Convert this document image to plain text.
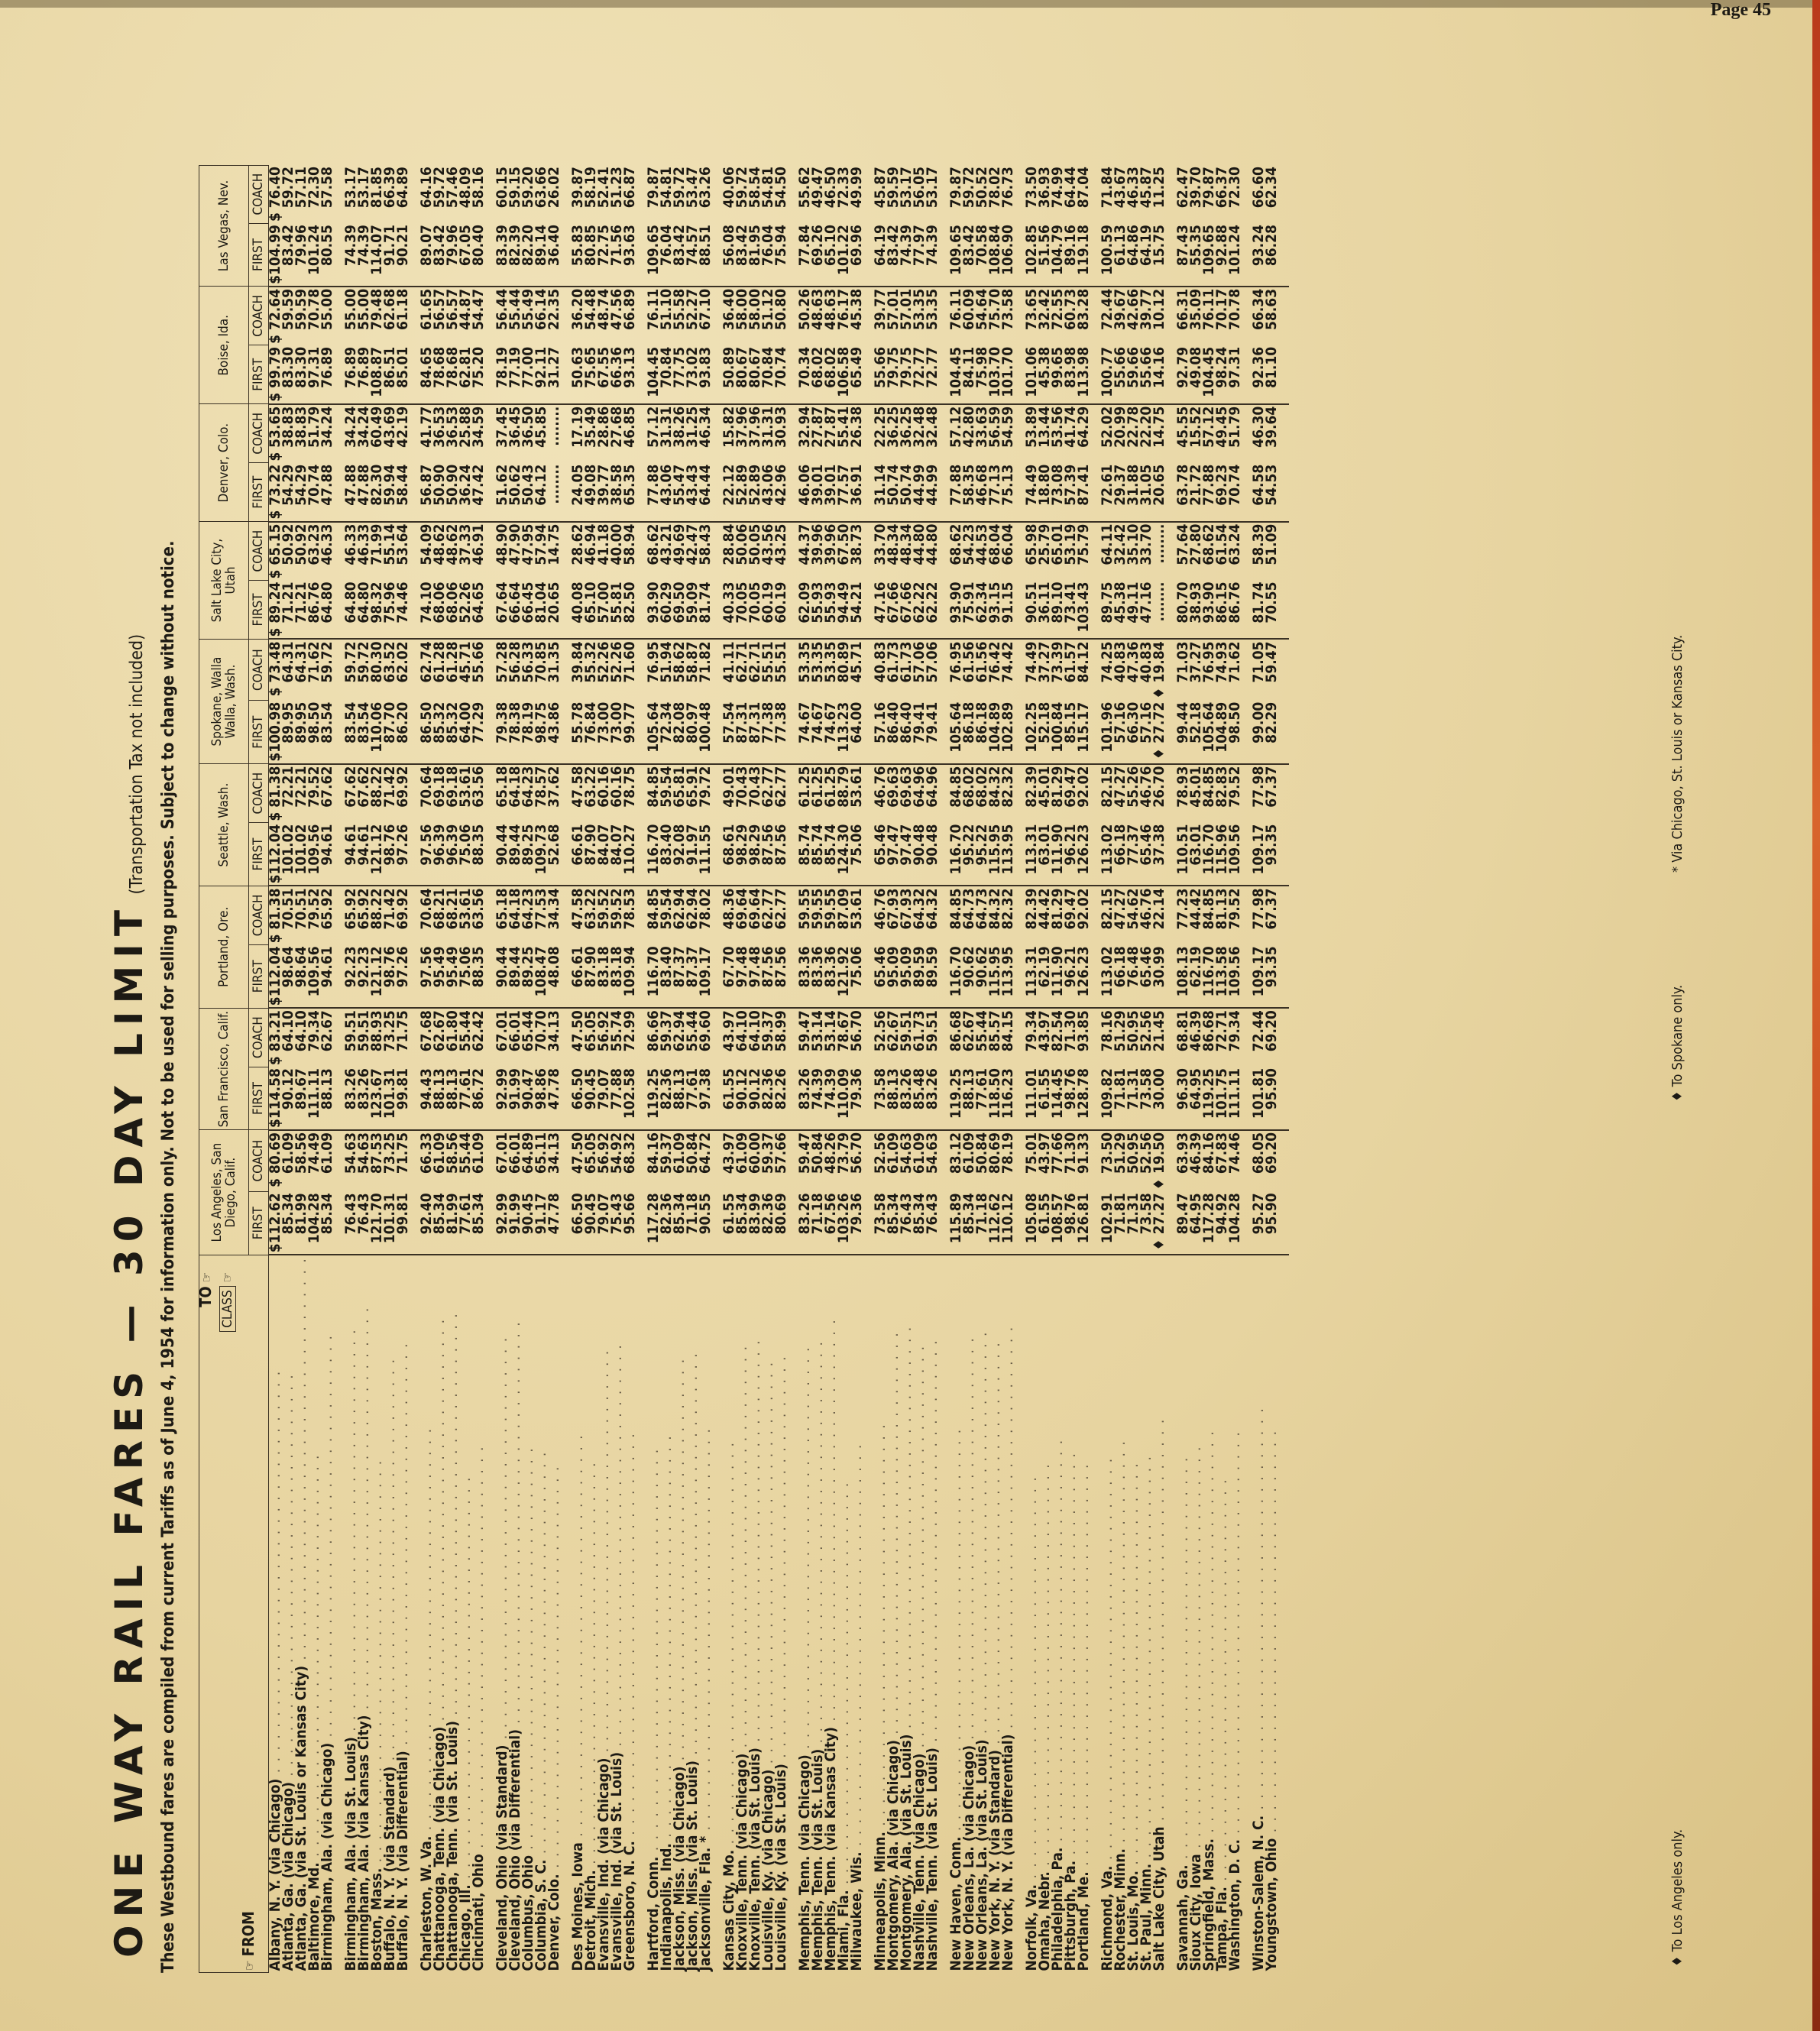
Page 45
ONE WAY RAIL FARES — 30 DAY LIMIT (Transportation Tax not included) These Westbound fares are compiled from current Tariffs as of June 4, 1954 for information only. Not to be used for selling purposes. Subject to change without notice. TO ☞
CLASS ☞
☞ FROM	Los Angeles, San Diego, Calif.		San Francisco, Calif.		Portland, Ore.		Seattle, Wash.		Spokane, Walla Walla, Wash.		Salt Lake City, Utah		Denver, Colo.		Boise, Ida.		Las Vegas, Nev.	

	FIRST	COACH	FIRST	COACH	FIRST	COACH	FIRST	COACH	FIRST	COACH	FIRST	COACH	FIRST	COACH	FIRST	COACH	FIRST	COACH
Albany, N. Y. (via Chicago) . . . . . . . . . . . . . . . . . . . . . . . . . . . . . . . . . . . .	$112.62	$ 80.69	$114.58	$ 83.21	$112.04	$ 81.38	$112.04	$ 81.38	$100.98	$ 73.48	$ 89.24	$ 65.15	$ 73.22	$ 53.65	$ 99.79	$ 72.64	$104.99	$ 76.40
Atlanta, Ga. (via Chicago) . . . . . . . . . . . . . . . . . . . . . . . . . . . . . . . . . . . .	85.34	61.09	90.12	64.10	98.64	70.51	101.02	72.21	89.95	64.31	71.21	50.92	54.29	38.83	83.30	59.59	83.42	59.72
Atlanta, Ga. (via St. Louis or Kansas City) . . . . . . . . . . . . . . . . . . . . . . . . . . . . . . . . . . . .	81.99	58.56	89.67	64.10	98.64	70.51	101.02	72.21	89.95	64.31	71.21	50.92	54.29	38.83	83.30	59.59	79.96	57.11
Baltimore, Md. . . . . . . . . . . . . . . . . . . . . . . . . . . . . . . . . . . . .	104.28	74.49	111.11	79.34	109.56	79.52	109.56	79.52	98.50	71.62	86.76	63.23	70.74	51.79	97.31	70.78	101.24	72.30
Birmingham, Ala. (via Chicago) . . . . . . . . . . . . . . . . . . . . . . . . . . . . . . . . . . . .	85.34	61.09	88.13	62.67	94.61	65.92	94.61	67.62	83.54	59.72	64.80	46.33	47.88	34.24	76.89	55.00	80.55	57.58
Birmingham, Ala. (via St. Louis) . . . . . . . . . . . . . . . . . . . . . . . . . . . . . . . . . . . .	76.43	54.63	83.26	59.51	92.23	65.92	94.61	67.62	83.54	59.72	64.80	46.33	47.88	34.24	76.89	55.00	74.39	53.17
Birmingham, Ala. (via Kansas City) . . . . . . . . . . . . . . . . . . . . . . . . . . . . . . . . . . . .	76.43	54.63	83.26	59.51	92.23	65.92	94.61	67.62	83.54	59.72	64.80	46.33	47.88	34.24	76.89	55.00	74.39	53.17
Boston, Mass. . . . . . . . . . . . . . . . . . . . . . . . . . . . . . . . . . . . .	121.70	87.53	123.67	88.93	121.12	88.22	121.12	88.22	110.06	80.30	98.32	71.99	82.30	60.49	108.87	79.48	114.07	81.85
Buffalo, N. Y. (via Standard) . . . . . . . . . . . . . . . . . . . . . . . . . . . . . . . . . . . .	101.31	73.25	101.31	73.25	98.76	71.42	98.76	71.42	87.70	63.52	75.96	55.14	59.94	43.69	86.51	62.68	91.71	66.39
Buffalo, N. Y. (via Differential) . . . . . . . . . . . . . . . . . . . . . . . . . . . . . . . . . . . .	99.81	71.75	99.81	71.75	97.26	69.92	97.26	69.92	86.20	62.02	74.46	53.64	58.44	42.19	85.01	61.18	90.21	64.89
Charleston, W. Va. . . . . . . . . . . . . . . . . . . . . . . . . . . . . . . . . . . . .	92.40	66.33	94.43	67.68	97.56	70.64	97.56	70.64	86.50	62.74	74.10	54.09	56.87	41.77	84.65	61.65	89.07	64.16
Chattanooga, Tenn. (via Chicago) . . . . . . . . . . . . . . . . . . . . . . . . . . . . . . . . . . . .	85.34	61.09	88.13	62.67	95.49	68.21	96.39	69.18	85.32	61.28	68.06	48.62	50.90	36.53	78.68	56.57	83.42	59.72
Chattanooga, Tenn. (via St. Louis) . . . . . . . . . . . . . . . . . . . . . . . . . . . . . . . . . . . .	81.99	58.56	88.13	61.80	95.49	68.21	96.39	69.18	85.32	61.28	68.06	48.62	50.90	36.53	78.68	56.57	79.96	57.46
Chicago, Ill. . . . . . . . . . . . . . . . . . . . . . . . . . . . . . . . . . . . .	77.61	55.44	77.61	55.44	75.06	53.61	75.06	53.61	64.00	45.71	52.26	37.33	36.24	25.88	62.81	44.87	67.05	48.09
Cincinnati, Ohio . . . . . . . . . . . . . . . . . . . . . . . . . . . . . . . . . . . .	85.34	61.09	86.72	62.42	88.35	63.56	88.35	63.56	77.29	55.66	64.65	46.91	47.42	34.59	75.20	54.47	80.40	58.16
Cleveland, Ohio (via Standard) . . . . . . . . . . . . . . . . . . . . . . . . . . . . . . . . . . . .	92.99	67.01	92.99	67.01	90.44	65.18	90.44	65.18	79.38	57.28	67.64	48.90	51.62	37.45	78.19	56.44	83.39	60.15
Cleveland, Ohio (via Differential) . . . . . . . . . . . . . . . . . . . . . . . . . . . . . . . . . . . .	91.99	66.01	91.99	66.01	89.44	64.18	89.44	64.18	78.38	56.28	66.64	47.90	50.62	36.45	77.19	55.44	82.39	59.15
Columbus, Ohio . . . . . . . . . . . . . . . . . . . . . . . . . . . . . . . . . . . .	90.45	64.89	90.47	65.44	89.25	64.23	89.25	64.23	78.19	56.33	66.45	47.95	50.43	36.50	77.00	55.49	82.20	59.20
Columbia, S. C. . . . . . . . . . . . . . . . . . . . . . . . . . . . . . . . . . . . .	91.17	65.11	98.86	70.70	108.47	77.53	109.73	78.57	98.75	70.85	81.04	57.94	64.12	45.85	92.11	66.14	89.14	63.66
Denver, Colo. . . . . . . . . . . . . . . . . . . . . . . . . . . . . . . . . . . . .	47.78	34.13	47.78	34.13	48.08	34.34	52.68	37.62	43.86	31.35	20.65	14.75	........	........	31.27	22.35	36.40	26.02
Des Moines, Iowa . . . . . . . . . . . . . . . . . . . . . . . . . . . . . . . . . . . .	66.50	47.50	66.50	47.50	66.61	47.58	66.61	47.58	55.78	39.84	40.08	28.62	24.05	17.19	50.63	36.20	55.83	39.87
Detroit, Mich. . . . . . . . . . . . . . . . . . . . . . . . . . . . . . . . . . . . .	90.45	65.05	90.45	65.05	87.90	63.22	87.90	63.22	76.84	55.32	65.10	46.94	49.08	35.49	75.65	54.48	80.85	58.19
Evansville, Ind. (via Chicago) . . . . . . . . . . . . . . . . . . . . . . . . . . . . . . . . . . . .	79.07	56.92	79.07	56.92	83.18	59.52	84.07	60.16	73.00	52.26	57.00	41.18	39.77	28.86	67.55	48.74	72.75	52.41
Evansville, Ind. (via St. Louis) . . . . . . . . . . . . . . . . . . . . . . . . . . . . . . . . . . . .	75.43	54.92	77.88	55.74	83.18	59.52	84.07	60.16	73.00	52.26	55.81	40.00	38.58	27.68	66.36	47.56	71.56	51.23
Greensboro, N. C. . . . . . . . . . . . . . . . . . . . . . . . . . . . . . . . . . . . .	95.66	68.32	102.58	72.99	109.94	78.53	110.27	78.75	99.77	71.60	82.50	58.94	65.35	46.85	93.13	66.89	93.63	66.87
Hartford, Conn. . . . . . . . . . . . . . . . . . . . . . . . . . . . . . . . . . . . .	117.28	84.16	119.25	86.66	116.70	84.85	116.70	84.85	105.64	76.95	93.90	68.62	77.88	57.12	104.45	76.11	109.65	79.87
Indianapolis, Ind. . . . . . . . . . . . . . . . . . . . . . . . . . . . . . . . . . . . .	82.36	59.37	82.36	59.37	83.40	59.54	83.40	59.54	72.34	51.94	60.29	43.21	43.06	31.31	70.84	51.10	76.04	54.81
Jackson, Miss. (via Chicago) . . . . . . . . . . . . . . . . . . . . . . . . . . . . . . . . . . . .	85.34	61.09	88.13	62.94	87.37	62.94	92.08	65.81	82.08	58.62	69.50	49.69	55.47	38.26	77.75	55.58	83.42	59.72
Jackson, Miss. (via St. Louis) . . . . . . . . . . . . . . . . . . . . . . . . . . . . . . . . . . . .	71.18	50.84	77.61	55.44	87.37	62.94	91.97	65.91	80.97	58.87	59.09	42.47	43.43	31.25	73.02	52.27	74.57	53.47
Jacksonville, Fla. * . . . . . . . . . . . . . . . . . . . . . . . . . . . . . . . . . . . .	90.55	64.72	97.38	69.60	109.17	78.02	111.55	79.72	100.48	71.82	81.74	58.43	64.44	46.34	93.83	67.10	88.51	63.26
Kansas City, Mo. . . . . . . . . . . . . . . . . . . . . . . . . . . . . . . . . . . . .	61.55	43.97	61.55	43.97	67.70	48.36	68.61	49.01	57.54	41.11	40.33	28.84	22.12	15.82	50.89	36.40	56.08	40.06
Knoxville, Tenn. (via Chicago) . . . . . . . . . . . . . . . . . . . . . . . . . . . . . . . . . . . .	85.34	61.09	90.12	64.10	97.48	69.64	98.29	70.43	87.31	62.71	70.05	50.06	52.89	37.96	80.67	58.00	83.42	59.72
Knoxville, Tenn. (via St. Louis) . . . . . . . . . . . . . . . . . . . . . . . . . . . . . . . . . . . .	83.99	60.00	90.12	64.10	97.48	69.64	98.29	70.43	87.31	62.71	70.05	50.05	52.89	37.96	80.67	58.00	81.95	58.54
Louisville, Ky. (via Chicago) . . . . . . . . . . . . . . . . . . . . . . . . . . . . . . . . . . . .	82.36	59.37	82.36	59.37	87.56	62.77	87.56	62.77	77.38	55.51	60.19	43.56	43.06	31.31	70.84	51.12	76.04	54.81
Louisville, Ky. (via St. Louis) . . . . . . . . . . . . . . . . . . . . . . . . . . . . . . . . . . . .	80.69	57.66	82.26	58.99	87.56	62.77	87.56	62.77	77.38	55.51	60.19	43.25	42.96	30.93	70.74	50.80	75.94	54.50
Memphis, Tenn. (via Chicago) . . . . . . . . . . . . . . . . . . . . . . . . . . . . . . . . . . . .	83.26	59.47	83.26	59.47	83.36	59.55	85.74	61.25	74.67	53.35	62.09	44.37	46.06	32.94	70.34	50.26	77.84	55.62
Memphis, Tenn. (via St. Louis) . . . . . . . . . . . . . . . . . . . . . . . . . . . . . . . . . . . .	71.18	50.84	74.39	53.14	83.36	59.55	85.74	61.25	74.67	53.35	55.93	39.96	39.01	27.87	68.02	48.63	69.26	49.47
Memphis, Tenn. (via Kansas City) . . . . . . . . . . . . . . . . . . . . . . . . . . . . . . . . . . . .	67.56	48.26	74.39	53.14	83.36	59.55	85.74	61.25	74.67	53.35	55.93	39.96	39.01	27.87	68.02	48.63	65.10	46.50
Miami, Fla. . . . . . . . . . . . . . . . . . . . . . . . . . . . . . . . . . . . .	103.26	73.79	110.09	78.67	121.92	87.09	124.30	88.79	113.23	80.89	94.49	67.50	77.57	55.41	106.58	76.17	101.22	72.33
Milwaukee, Wis. . . . . . . . . . . . . . . . . . . . . . . . . . . . . . . . . . . . .	79.36	56.70	79.36	56.70	75.06	53.61	75.06	53.61	64.00	45.71	54.21	38.73	36.91	26.38	65.49	45.38	69.96	49.99
Minneapolis, Minn. . . . . . . . . . . . . . . . . . . . . . . . . . . . . . . . . . . . .	73.58	52.56	73.58	52.56	65.46	46.76	65.46	46.76	57.16	40.83	47.16	33.70	31.14	22.25	55.66	39.77	64.19	45.87
Montgomery, Ala. (via Chicago) . . . . . . . . . . . . . . . . . . . . . . . . . . . . . . . . . . . .	85.34	61.09	88.13	62.67	95.09	67.93	97.47	69.63	86.40	61.73	67.66	48.34	50.74	36.25	79.75	57.01	83.42	59.59
Montgomery, Ala. (via St. Louis) . . . . . . . . . . . . . . . . . . . . . . . . . . . . . . . . . . . .	76.43	54.63	83.26	59.51	95.09	67.93	97.47	69.63	86.40	61.73	67.66	48.34	50.74	36.25	79.75	57.01	74.39	53.17
Nashville, Tenn. (via Chicago) . . . . . . . . . . . . . . . . . . . . . . . . . . . . . . . . . . . .	85.34	61.09	85.48	61.73	89.59	64.32	90.48	64.96	79.41	57.06	62.22	44.80	44.99	32.48	72.77	53.35	77.97	56.05
Nashville, Tenn. (via St. Louis) . . . . . . . . . . . . . . . . . . . . . . . . . . . . . . . . . . . .	76.43	54.63	83.26	59.51	89.59	64.32	90.48	64.96	79.41	57.06	62.22	44.80	44.99	32.48	72.77	53.35	74.39	53.17
New Haven, Conn. . . . . . . . . . . . . . . . . . . . . . . . . . . . . . . . . . . . .	115.89	83.12	119.25	86.68	116.70	84.85	116.70	84.85	105.64	76.95	93.90	68.62	77.88	57.12	104.45	76.11	109.65	79.87
New Orleans, La. (via Chicago) . . . . . . . . . . . . . . . . . . . . . . . . . . . . . . . . . . . .	85.34	61.09	88.13	62.67	90.62	64.73	95.22	68.02	86.18	61.56	75.91	54.23	58.35	42.80	84.11	60.09	83.42	59.72
New Orleans, La. (via St. Louis) . . . . . . . . . . . . . . . . . . . . . . . . . . . . . . . . . . . .	71.18	50.84	77.61	55.44	90.62	64.73	95.22	68.02	86.18	61.56	62.34	44.53	46.68	33.63	75.98	54.64	70.58	50.52
New York, N. Y. (via Standard) . . . . . . . . . . . . . . . . . . . . . . . . . . . . . . . . . . . .	112.62	80.69	118.50	85.57	115.95	84.32	115.95	84.32	104.89	76.42	93.15	68.04	77.13	56.59	103.70	75.70	108.84	78.02
New York, N. Y. (via Differential) . . . . . . . . . . . . . . . . . . . . . . . . . . . . . . . . . . . .	110.12	78.19	116.23	84.15	113.95	82.32	113.95	82.32	102.89	74.42	91.15	66.04	75.13	54.59	101.70	73.58	106.90	76.73
Norfolk, Va. . . . . . . . . . . . . . . . . . . . . . . . . . . . . . . . . . . . .	105.08	75.01	111.01	79.34	113.31	82.39	113.31	82.39	102.25	74.49	90.51	65.98	74.49	53.89	101.06	73.65	102.85	73.50
Omaha, Nebr. . . . . . . . . . . . . . . . . . . . . . . . . . . . . . . . . . . . .	61.55	43.97	61.55	43.97	62.19	44.42	63.01	45.01	52.18	37.27	36.11	25.79	18.80	13.44	45.38	32.42	51.56	36.93
Philadelphia, Pa. . . . . . . . . . . . . . . . . . . . . . . . . . . . . . . . . . . . .	108.57	77.66	114.45	82.54	111.90	81.29	111.90	81.29	100.84	73.39	89.10	65.01	73.08	53.56	99.65	72.55	104.79	74.99
Pittsburgh, Pa. . . . . . . . . . . . . . . . . . . . . . . . . . . . . . . . . . . . .	98.76	71.30	98.76	71.30	96.21	69.47	96.21	69.47	85.15	61.57	73.41	53.19	57.39	41.74	83.98	60.73	89.16	64.44
Portland, Me. . . . . . . . . . . . . . . . . . . . . . . . . . . . . . . . . . . . .	126.81	91.33	128.78	93.85	126.23	92.02	126.23	92.02	115.17	84.12	103.43	75.79	87.41	64.29	113.98	83.28	119.18	87.04
Richmond, Va. . . . . . . . . . . . . . . . . . . . . . . . . . . . . . . . . . . . .	102.91	73.50	109.82	78.16	113.02	82.15	113.02	82.15	101.96	74.25	89.75	64.11	72.61	52.02	100.77	72.44	100.59	71.84
Rochester, Minn. . . . . . . . . . . . . . . . . . . . . . . . . . . . . . . . . . . . .	71.81	51.29	71.81	51.29	66.18	47.27	66.18	47.27	57.16	40.83	45.38	32.42	29.37	20.99	55.66	39.67	61.13	43.67
St. Louis, Mo. . . . . . . . . . . . . . . . . . . . . . . . . . . . . . . . . . . . .	71.31	50.95	71.31	50.95	76.48	54.62	77.37	55.26	66.30	47.36	49.11	35.10	31.88	22.78	59.66	42.66	64.86	46.33
St. Paul, Minn. . . . . . . . . . . . . . . . . . . . . . . . . . . . . . . . . . . . .	73.58	52.56	73.58	52.56	65.46	46.76	65.46	46.76	57.16	40.83	47.16	33.70	31.05	22.20	55.66	39.77	64.19	45.87
Salt Lake City, Utah . . . . . . . . . . . . . . . . . . . . . . . . . . . . . . . . . . . .	♦ 27.27	♦ 19.50	30.00	21.45	30.99	22.14	37.38	26.70	♦ 27.72	♦ 19.84	........	........	20.65	14.75	14.16	10.12	15.75	11.25
Savannah, Ga. . . . . . . . . . . . . . . . . . . . . . . . . . . . . . . . . . . . .	89.47	63.93	96.30	68.81	108.13	77.23	110.51	78.93	99.44	71.03	80.70	57.64	63.78	45.55	92.79	66.31	87.43	62.47
Sioux City, Iowa . . . . . . . . . . . . . . . . . . . . . . . . . . . . . . . . . . . .	64.95	46.39	64.95	46.39	62.19	44.42	63.01	45.01	52.18	37.27	38.93	27.80	21.72	15.52	49.08	35.09	55.35	39.70
Springfield, Mass. . . . . . . . . . . . . . . . . . . . . . . . . . . . . . . . . . . . .	117.28	84.16	119.25	86.68	116.70	84.85	116.70	84.85	105.64	76.95	93.90	68.62	77.88	57.12	104.45	76.11	109.65	79.87
Tampa, Fla. . . . . . . . . . . . . . . . . . . . . . . . . . . . . . . . . . . . .	94.92	67.83	101.75	72.71	113.58	81.13	115.96	82.83	104.89	74.93	86.15	61.54	69.23	49.45	98.24	70.17	92.88	66.37
Washington, D. C. . . . . . . . . . . . . . . . . . . . . . . . . . . . . . . . . . . . .	104.28	74.46	111.11	79.34	109.56	79.52	109.56	79.52	98.50	71.62	86.76	63.24	70.74	51.79	97.31	70.78	101.24	72.30
Winston-Salem, N. C. . . . . . . . . . . . . . . . . . . . . . . . . . . . . . . . . . . . .	95.27	68.05	101.81	72.44	109.17	77.98	109.17	77.98	99.00	71.05	81.74	58.39	64.58	46.30	92.36	66.34	93.24	66.60
Youngstown, Ohio . . . . . . . . . . . . . . . . . . . . . . . . . . . . . . . . . . . .	95.90	69.20	95.90	69.20	93.35	67.37	93.35	67.37	82.29	59.47	70.55	51.09	54.53	39.64	81.10	58.63	86.28	62.34
♦ To Los Angeles only.
♦ To Spokane only.
* Via Chicago, St. Louis or Kansas City.
